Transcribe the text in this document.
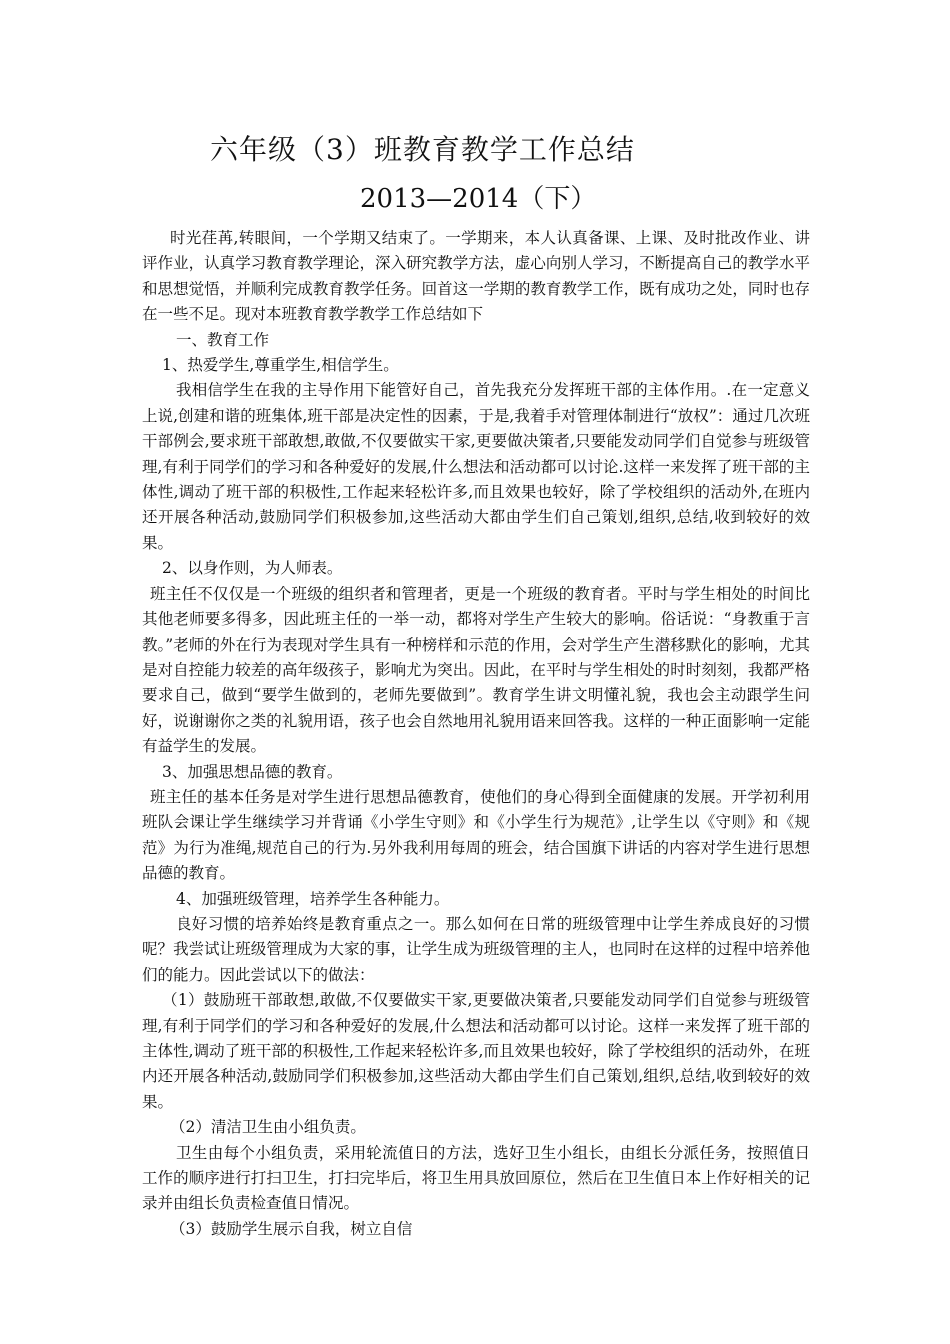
六年级（3）班教育教学工作总结
2013—2014（下）

时光荏苒,转眼间，一个学期又结束了。一学期来，本人认真备课、上课、及时批改作业、讲评作业，认真学习教育教学理论，深入研究教学方法，虚心向别人学习，不断提高自己的教学水平和思想觉悟，并顺利完成教育教学任务。回首这一学期的教育教学工作，既有成功之处，同时也存在一些不足。现对本班教育教学教学工作总结如下

一、教育工作

1、热爱学生,尊重学生,相信学生。

我相信学生在我的主导作用下能管好自己，首先我充分发挥班干部的主体作用。.在一定意义上说,创建和谐的班集体,班干部是决定性的因素，于是,我着手对管理体制进行“放权”：通过几次班干部例会,要求班干部敢想,敢做,不仅要做实干家,更要做决策者,只要能发动同学们自觉参与班级管理,有利于同学们的学习和各种爱好的发展,什么想法和活动都可以讨论.这样一来发挥了班干部的主体性,调动了班干部的积极性,工作起来轻松许多,而且效果也较好，除了学校组织的活动外,在班内还开展各种活动,鼓励同学们积极参加,这些活动大都由学生们自己策划,组织,总结,收到较好的效果。

2、以身作则，为人师表。

班主任不仅仅是一个班级的组织者和管理者，更是一个班级的教育者。平时与学生相处的时间比其他老师要多得多，因此班主任的一举一动，都将对学生产生较大的影响。俗话说：“身教重于言教。”老师的外在行为表现对学生具有一种榜样和示范的作用，会对学生产生潜移默化的影响，尤其是对自控能力较差的高年级孩子，影响尤为突出。因此，在平时与学生相处的时时刻刻，我都严格要求自己，做到“要学生做到的，老师先要做到”。教育学生讲文明懂礼貌，我也会主动跟学生问好，说谢谢你之类的礼貌用语，孩子也会自然地用礼貌用语来回答我。这样的一种正面影响一定能有益学生的发展。

3、加强思想品德的教育。

班主任的基本任务是对学生进行思想品德教育，使他们的身心得到全面健康的发展。开学初利用班队会课让学生继续学习并背诵《小学生守则》和《小学生行为规范》,让学生以《守则》和《规范》为行为准绳,规范自己的行为.另外我利用每周的班会，结合国旗下讲话的内容对学生进行思想品德的教育。

4、加强班级管理，培养学生各种能力。

良好习惯的培养始终是教育重点之一。那么如何在日常的班级管理中让学生养成良好的习惯呢？我尝试让班级管理成为大家的事，让学生成为班级管理的主人，也同时在这样的过程中培养他们的能力。因此尝试以下的做法：

（1）鼓励班干部敢想,敢做,不仅要做实干家,更要做决策者,只要能发动同学们自觉参与班级管理,有利于同学们的学习和各种爱好的发展,什么想法和活动都可以讨论。这样一来发挥了班干部的主体性,调动了班干部的积极性,工作起来轻松许多,而且效果也较好，除了学校组织的活动外，在班内还开展各种活动,鼓励同学们积极参加,这些活动大都由学生们自己策划,组织,总结,收到较好的效果。

（2）清洁卫生由小组负责。

卫生由每个小组负责，采用轮流值日的方法，选好卫生小组长，由组长分派任务，按照值日工作的顺序进行打扫卫生，打扫完毕后，将卫生用具放回原位，然后在卫生值日本上作好相关的记录并由组长负责检查值日情况。

（3）鼓励学生展示自我，树立自信
